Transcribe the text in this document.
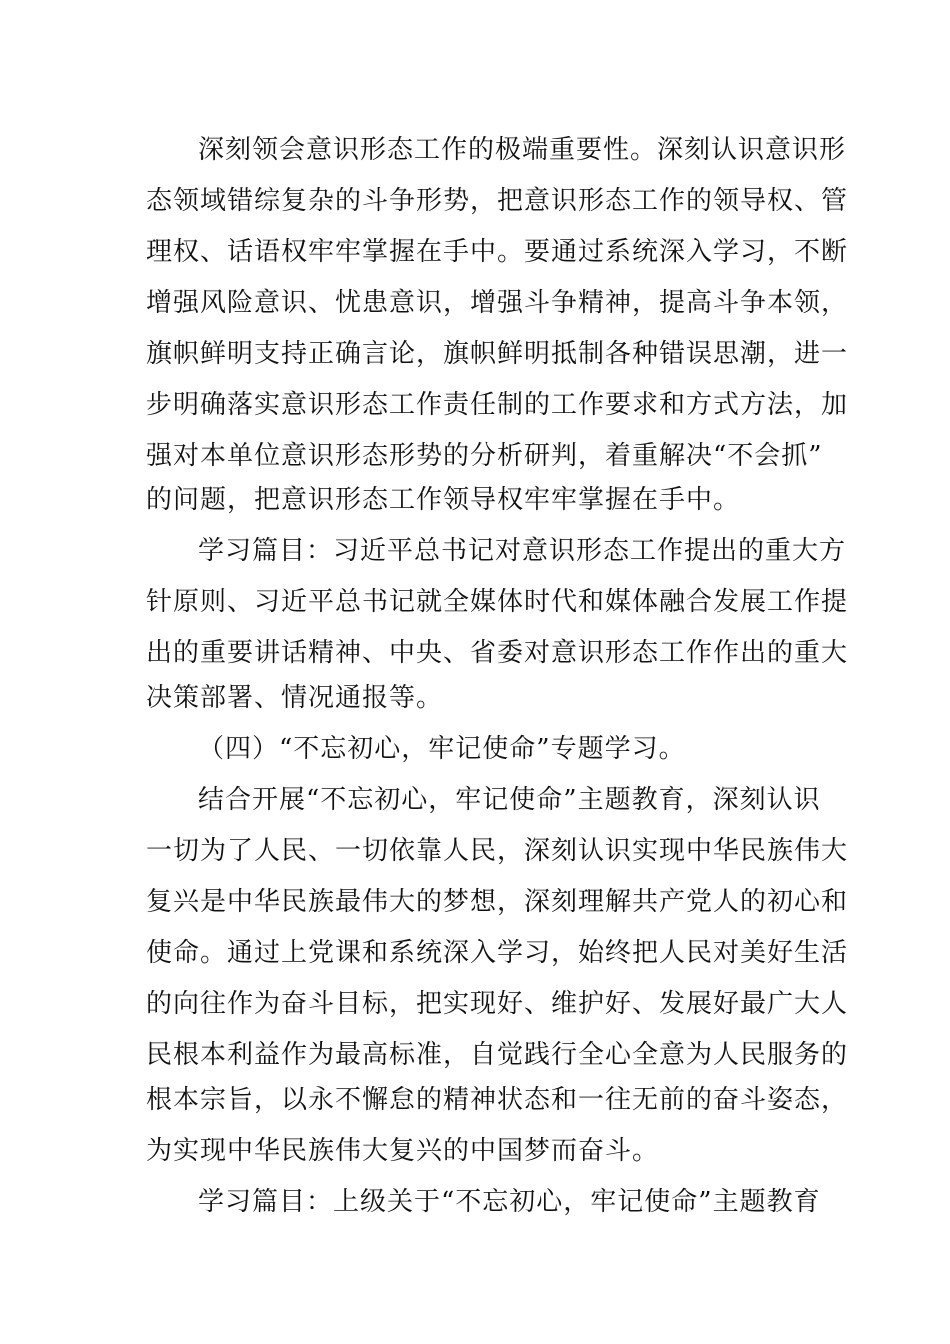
深刻领会意识形态工作的极端重要性。深刻认识意识形
态领域错综复杂的斗争形势，把意识形态工作的领导权、管
理权、话语权牢牢掌握在手中。要通过系统深入学习，不断
增强风险意识、忧患意识，增强斗争精神，提高斗争本领，
旗帜鲜明支持正确言论，旗帜鲜明抵制各种错误思潮，进一
步明确落实意识形态工作责任制的工作要求和方式方法，加
强对本单位意识形态形势的分析研判，着重解决“不会抓”
的问题，把意识形态工作领导权牢牢掌握在手中。
学习篇目：习近平总书记对意识形态工作提出的重大方
针原则、习近平总书记就全媒体时代和媒体融合发展工作提
出的重要讲话精神、中央、省委对意识形态工作作出的重大
决策部署、情况通报等。
（四）“不忘初心，牢记使命”专题学习。
结合开展“不忘初心，牢记使命”主题教育，深刻认识
一切为了人民、一切依靠人民，深刻认识实现中华民族伟大
复兴是中华民族最伟大的梦想，深刻理解共产党人的初心和
使命。通过上党课和系统深入学习，始终把人民对美好生活
的向往作为奋斗目标，把实现好、维护好、发展好最广大人
民根本利益作为最高标准，自觉践行全心全意为人民服务的
根本宗旨，以永不懈怠的精神状态和一往无前的奋斗姿态，
为实现中华民族伟大复兴的中国梦而奋斗。
学习篇目：上级关于“不忘初心，牢记使命”主题教育
